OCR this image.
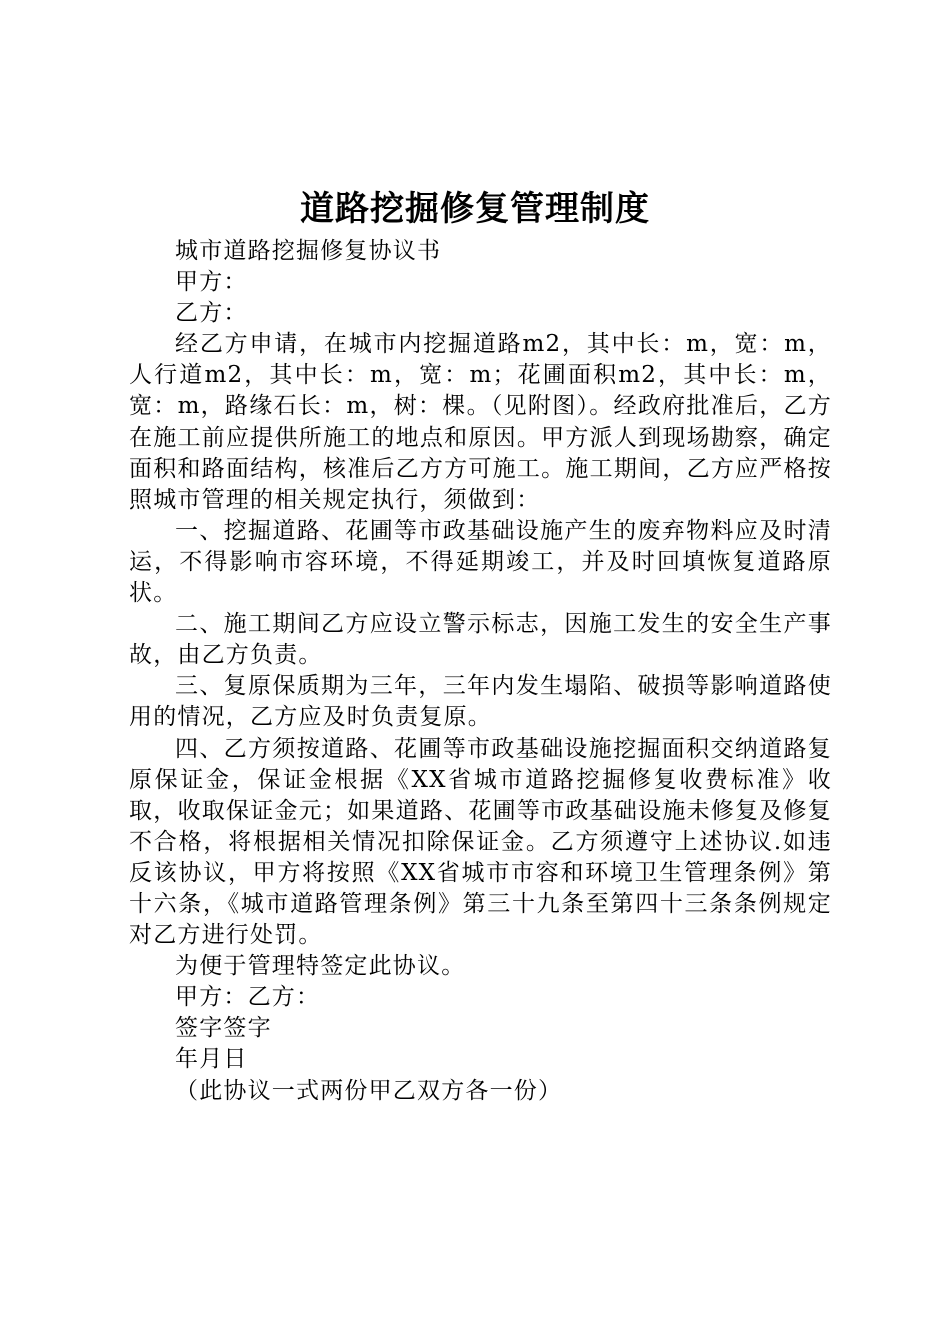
道路挖掘修复管理制度

城市道路挖掘修复协议书

甲方：

乙方：

经乙方申请，在城市内挖掘道路m2，其中长：m，宽：m，人行道m2，其中长：m，宽：m；花圃面积m2，其中长：m，宽：m，路缘石长：m，树：棵。（见附图）。经政府批准后，乙方在施工前应提供所施工的地点和原因。甲方派人到现场勘察，确定面积和路面结构，核准后乙方方可施工。施工期间，乙方应严格按照城市管理的相关规定执行，须做到：

一、挖掘道路、花圃等市政基础设施产生的废弃物料应及时清运，不得影响市容环境，不得延期竣工，并及时回填恢复道路原状。

二、施工期间乙方应设立警示标志，因施工发生的安全生产事故，由乙方负责。

三、复原保质期为三年，三年内发生塌陷、破损等影响道路使用的情况，乙方应及时负责复原。

四、乙方须按道路、花圃等市政基础设施挖掘面积交纳道路复原保证金，保证金根据《XX省城市道路挖掘修复收费标准》收取，收取保证金元；如果道路、花圃等市政基础设施未修复及修复不合格，将根据相关情况扣除保证金。乙方须遵守上述协议.如违反该协议，甲方将按照《XX省城市市容和环境卫生管理条例》第十六条，《城市道路管理条例》第三十九条至第四十三条条例规定对乙方进行处罚。

为便于管理特签定此协议。

甲方：乙方：

签字签字

年月日

（此协议一式两份甲乙双方各一份）
